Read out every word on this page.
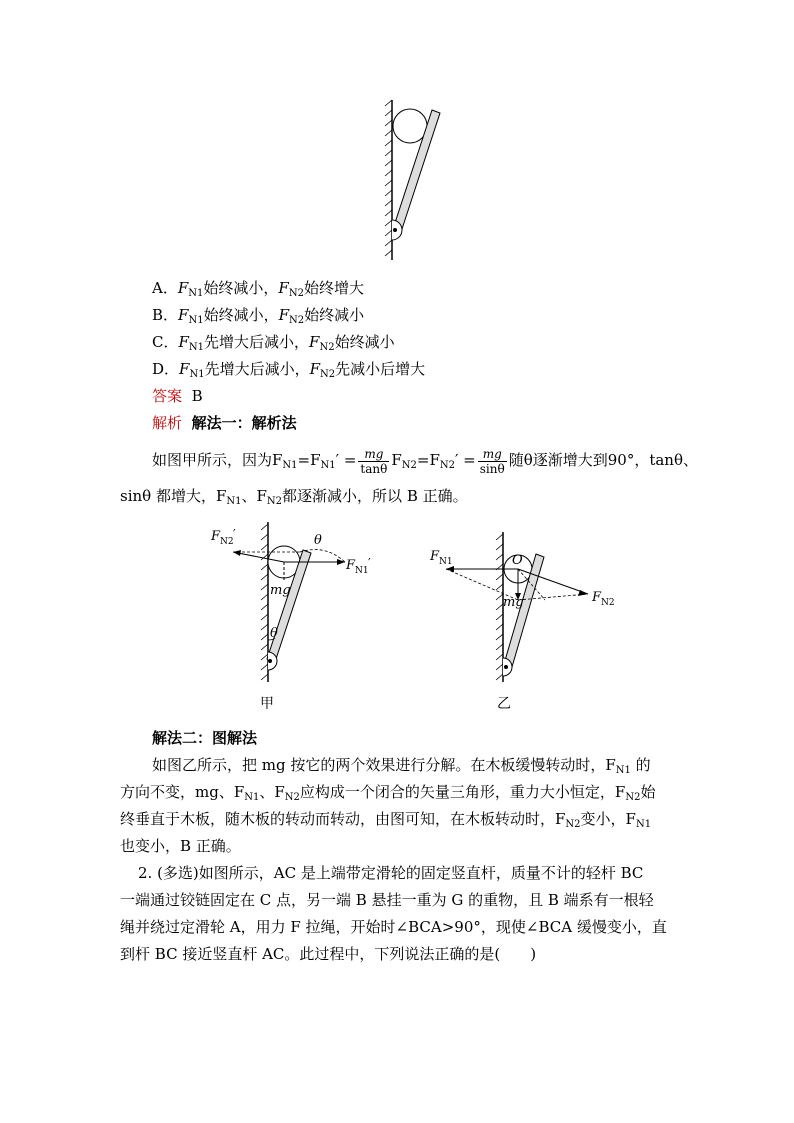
A．$F_{N1}$始终减小，$F_{N2}$始终增大
B．$F_{N1}$始终减小，$F_{N2}$始终减小
C．$F_{N1}$先增大后减小，$F_{N2}$始终减小
D．$F_{N1}$先增大后减小，$F_{N2}$先减小后增大
答案 B
解析 解法一：解析法
如图甲所示，因为$F_{N1}=F_{N1}' = \frac{mg}{\tan\theta} F_{N2}=F_{N2}' = \frac{mg}{\sin\theta}$ 随θ逐渐增大到90°，tanθ、
sinθ 都增大，$F_{N1}$、$F_{N2}$都逐渐减小，所以 B 正确。
F N2
′
F N1
′
θ
mg
θ
甲
F N1
F N2
O
mg
乙
解法二：图解法
如图乙所示，把 mg 按它的两个效果进行分解。在木板缓慢转动时，$F_{N1}$ 的
方向不变，mg、$F_{N1}$、$F_{N2}$应构成一个闭合的矢量三角形，重力大小恒定，$F_{N2}$始
终垂直于木板，随木板的转动而转动，由图可知，在木板转动时，$F_{N2}$变小，$F_{N1}$
也变小，B 正确。
2. (多选)如图所示，AC 是上端带定滑轮的固定竖直杆，质量不计的轻杆 BC
一端通过铰链固定在 C 点，另一端 B 悬挂一重为 G 的重物，且 B 端系有一根轻
绳并绕过定滑轮 A，用力 F 拉绳，开始时∠BCA>90°，现使∠BCA 缓慢变小，直
到杆 BC 接近竖直杆 AC。此过程中，下列说法正确的是(　　)
